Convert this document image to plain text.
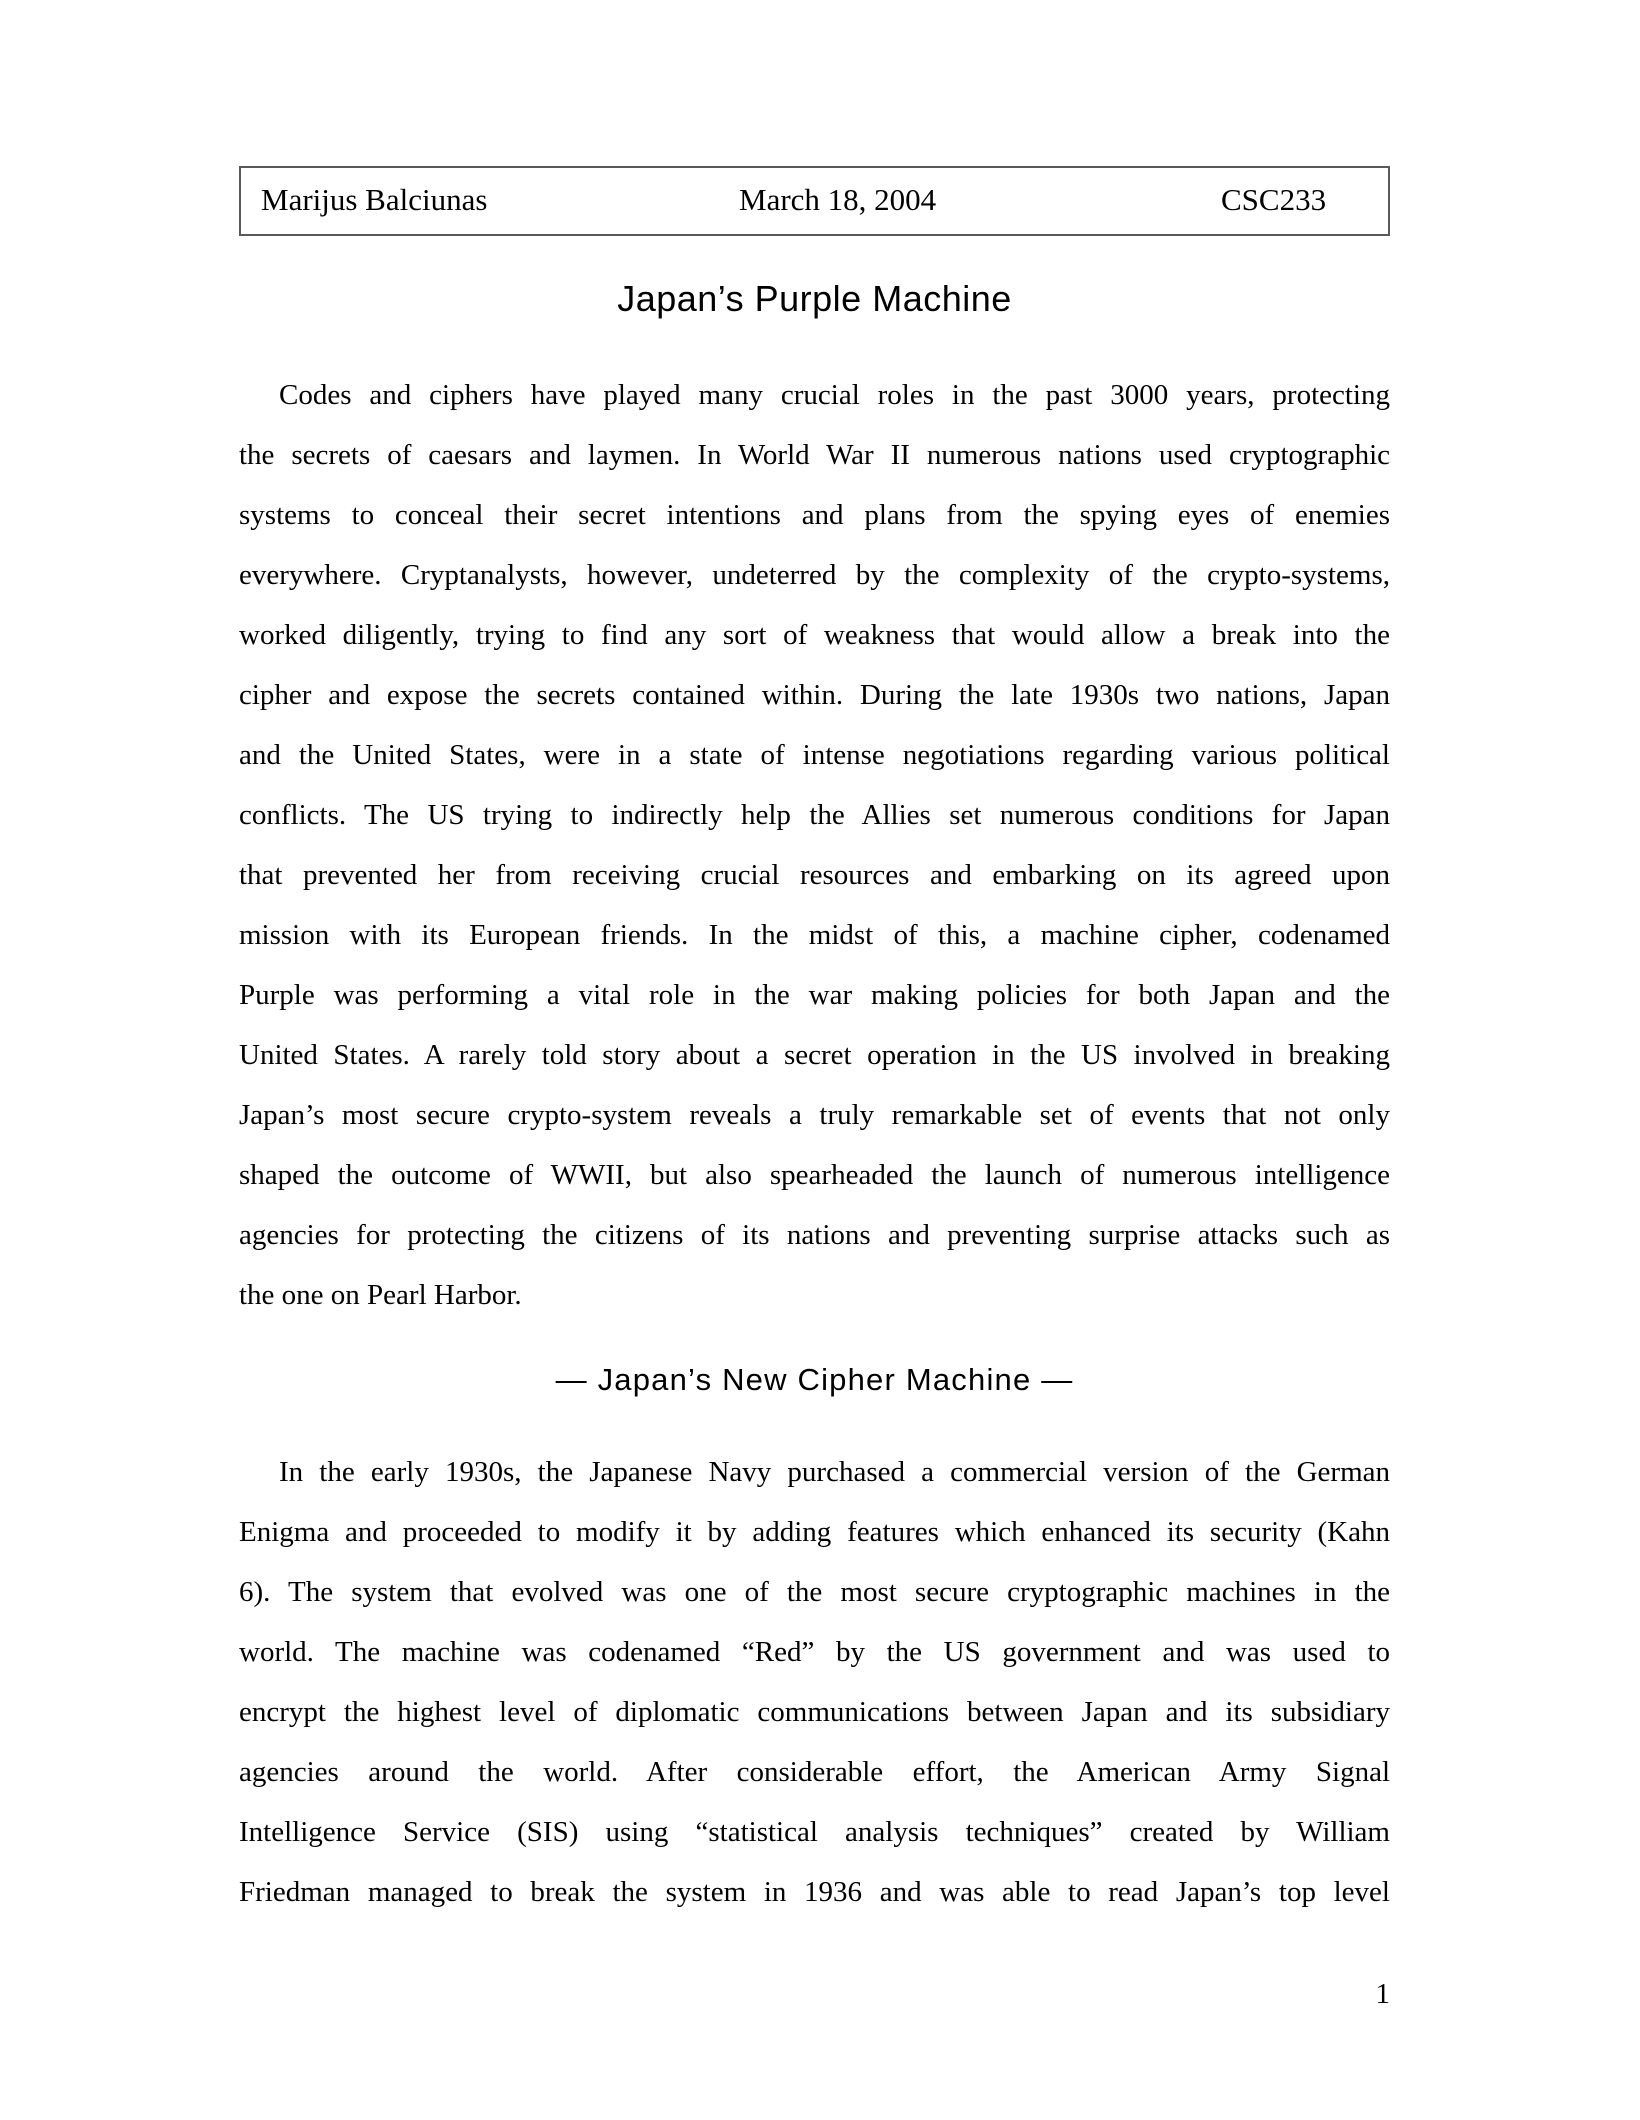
Marijus Balciunas	March 18, 2004	CSC233
Japan’s Purple Machine
Codes and ciphers have played many crucial roles in the past 3000 years, protecting
the secrets of caesars and laymen. In World War II numerous nations used cryptographic
systems to conceal their secret intentions and plans from the spying eyes of enemies
everywhere. Cryptanalysts, however, undeterred by the complexity of the crypto-systems,
worked diligently, trying to find any sort of weakness that would allow a break into the
cipher and expose the secrets contained within. During the late 1930s two nations, Japan
and the United States, were in a state of intense negotiations regarding various political
conflicts. The US trying to indirectly help the Allies set numerous conditions for Japan
that prevented her from receiving crucial resources and embarking on its agreed upon
mission with its European friends. In the midst of this, a machine cipher, codenamed
Purple was performing a vital role in the war making policies for both Japan and the
United States. A rarely told story about a secret operation in the US involved in breaking
Japan’s most secure crypto-system reveals a truly remarkable set of events that not only
shaped the outcome of WWII, but also spearheaded the launch of numerous intelligence
agencies for protecting the citizens of its nations and preventing surprise attacks such as
the one on Pearl Harbor.
— Japan’s New Cipher Machine —
In the early 1930s, the Japanese Navy purchased a commercial version of the German
Enigma and proceeded to modify it by adding features which enhanced its security (Kahn
6). The system that evolved was one of the most secure cryptographic machines in the
world. The machine was codenamed “Red” by the US government and was used to
encrypt the highest level of diplomatic communications between Japan and its subsidiary
agencies around the world. After considerable effort, the American Army Signal
Intelligence Service (SIS) using “statistical analysis techniques” created by William
Friedman managed to break the system in 1936 and was able to read Japan’s top level
1
